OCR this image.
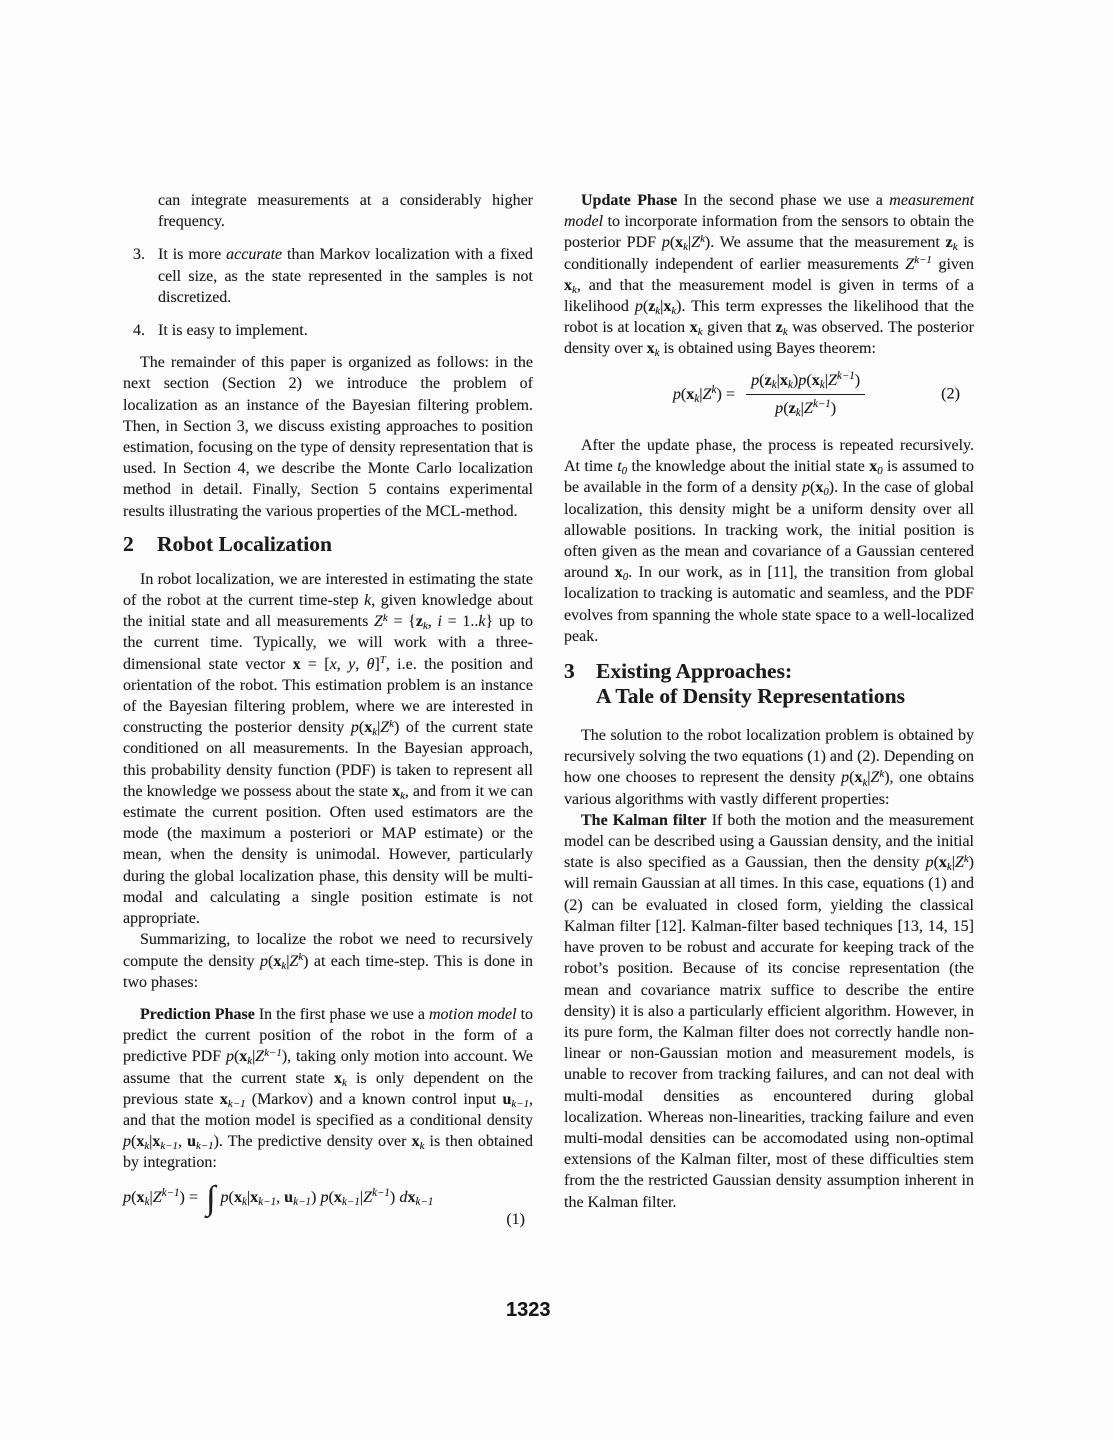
can integrate measurements at a considerably higher frequency.
3. It is more accurate than Markov localization with a fixed cell size, as the state represented in the samples is not discretized.
4. It is easy to implement.

The remainder of this paper is organized as follows: in the next section (Section 2) we introduce the problem of localization as an instance of the Bayesian filtering problem. Then, in Section 3, we discuss existing approaches to position estimation, focusing on the type of density representation that is used. In Section 4, we describe the Monte Carlo localization method in detail. Finally, Section 5 contains experimental results illustrating the various properties of the MCL-method.

2 Robot Localization

In robot localization, we are interested in estimating the state of the robot at the current time-step k, given knowledge about the initial state and all measurements $Z^k = \{z_k$, i = 1..k} up to the current time. Typically, we will work with a three-dimensional state vector x = [x, y, θ]$^T$, i.e. the position and orientation of the robot. This estimation problem is an instance of the Bayesian filtering problem, where we are interested in constructing the posterior density $p(x_k|Z^k)$ of the current state conditioned on all measurements. In the Bayesian approach, this probability density function (PDF) is taken to represent all the knowledge we possess about the state $x_k$, and from it we can estimate the current position. Often used estimators are the mode (the maximum a posteriori or MAP estimate) or the mean, when the density is unimodal. However, particularly during the global localization phase, this density will be multi-modal and calculating a single position estimate is not appropriate.

Summarizing, to localize the robot we need to recursively compute the density $p(x_k|Z^k)$ at each time-step. This is done in two phases:

Prediction Phase In the first phase we use a motion model to predict the current position of the robot in the form of a predictive PDF $p(x_k|Z^{k-1})$, taking only motion into account. We assume that the current state $x_k$ is only dependent on the previous state $x_{k-1}$ (Markov) and a known control input $u_{k-1}$, and that the motion model is specified as a conditional density $p(x_k|x_{k-1}$, $u_{k-1}$). The predictive density over $x_k$ is then obtained by integration:

$p(x_k|Z^{k-1})$ = ∫ $p(x_k|x_{k-1}$, $u_{k-1}$) $p(x_{k-1}|Z^{k-1})$ $dx_{k-1}$
(1)

Update Phase In the second phase we use a measurement model to incorporate information from the sensors to obtain the posterior PDF $p(x_k|Z^k)$. We assume that the measurement $z_k$ is conditionally independent of earlier measurements $Z^{k-1}$ given $x_k$, and that the measurement model is given in terms of a likelihood $p(z_k|x_k)$. This term expresses the likelihood that the robot is at location $x_k$ given that $z_k$ was observed. The posterior density over $x_k$ is obtained using Bayes theorem:

$p(x_k|Z^k) = \frac{p(z_k|x_k)p(x_k|Z^{k-1})}{p(z_k|Z^{k-1})}$	(2)

After the update phase, the process is repeated recursively. At time $t_0$ the knowledge about the initial state $x_0$ is assumed to be available in the form of a density $p(x_0)$. In the case of global localization, this density might be a uniform density over all allowable positions. In tracking work, the initial position is often given as the mean and covariance of a Gaussian centered around $x_0$. In our work, as in [11], the transition from global localization to tracking is automatic and seamless, and the PDF evolves from spanning the whole state space to a well-localized peak.

3 Existing Approaches:
A Tale of Density Representations

The solution to the robot localization problem is obtained by recursively solving the two equations (1) and (2). Depending on how one chooses to represent the density $p(x_k|Z^k)$, one obtains various algorithms with vastly different properties:

The Kalman filter If both the motion and the measurement model can be described using a Gaussian density, and the initial state is also specified as a Gaussian, then the density $p(x_k|Z^k)$ will remain Gaussian at all times. In this case, equations (1) and (2) can be evaluated in closed form, yielding the classical Kalman filter [12]. Kalman-filter based techniques [13, 14, 15] have proven to be robust and accurate for keeping track of the robot’s position. Because of its concise representation (the mean and covariance matrix suffice to describe the entire density) it is also a particularly efficient algorithm. However, in its pure form, the Kalman filter does not correctly handle non-linear or non-Gaussian motion and measurement models, is unable to recover from tracking failures, and can not deal with multi-modal densities as encountered during global localization. Whereas non-linearities, tracking failure and even multi-modal densities can be accomodated using non-optimal extensions of the Kalman filter, most of these difficulties stem from the the restricted Gaussian density assumption inherent in the Kalman filter.

1323
